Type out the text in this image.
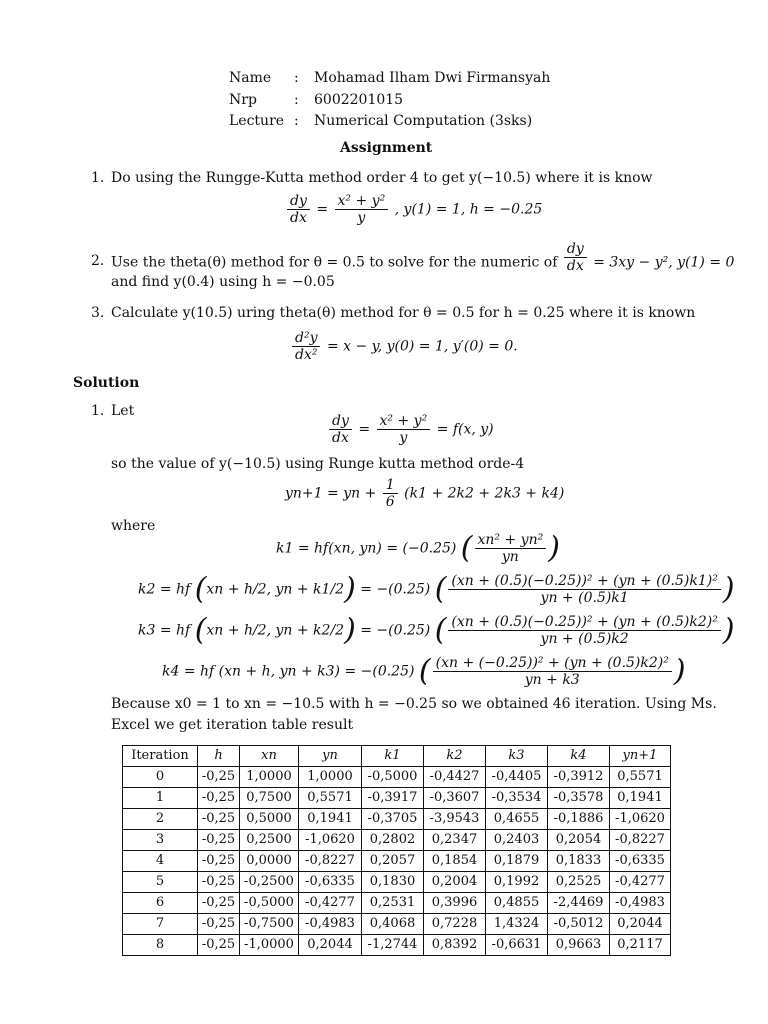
Name : Mohamad Ilham Dwi Firmansyah
Nrp	: 6002201015
Lecture : Numerical Computation (3sks)
Assignment
1. Do using the Rungge-Kutta method order 4 to get y(−10.5) where it is know
$\frac{dy}{dx} = \frac{\text{x² + y²}}{y}$ , y(1) = 1, h = −0.25
2. Use the theta(θ) method for θ = 0.5 to solve for the numeric of $\frac{dy}{dx} = 3xy - y^2$, y(1) = 0
and find y(0.4) using h = −0.05
3. Calculate y(10.5) uring theta(θ) method for θ = 0.5 for h = 0.25 where it is known
$\frac{\text{d²y}}{\text{dx²}} = x - y$, y(0) = 1, y′(0) = 0.
Solution
1. Let
$\frac{dy}{dx} = \frac{\text{x² + y²}}{y} = f(x$, y)
so the value of y(−10.5) using Runge kutta method orde-4
yn+1 = yn + $\frac{1}{6} (k1 + 2k2 + 2k3 + k4)$
where
k1 = hf(xn, yn) = (−0.25) ( $\frac{\text{xn² + yn²}}{yn}$ )
k2 = hf (xn + h/2, yn + k1/2) = −(0.25) ( $\frac{\text{(xn + (0.5)(−0.25))² + (yn + (0.5)k1)²}}{yn + (0.5)k1}$ )
k3 = hf (xn + h/2, yn + k2/2) = −(0.25) ( $\frac{\text{(xn + (0.5)(−0.25))² + (yn + (0.5)k2)²}}{yn + (0.5)k2}$ )
k4 = hf (xn + h, yn + k3) = −(0.25) ( $\frac{\text{(xn + (−0.25))² + (yn + (0.5)k2)²}}{yn + k3}$ )
Because x0 = 1 to xn = −10.5 with h = −0.25 so we obtained 46 iteration. Using Ms.
Excel we get iteration table result
Iteration	h	xn	yn	k1	k2	k3	k4	yn+1
0	-0,25	1,0000	1,0000	-0,5000	-0,4427	-0,4405	-0,3912	0,5571
1	-0,25	0,7500	0,5571	-0,3917	-0,3607	-0,3534	-0,3578	0,1941
2	-0,25	0,5000	0,1941	-0,3705	-3,9543	0,4655	-0,1886	-1,0620
3	-0,25	0,2500	-1,0620	0,2802	0,2347	0,2403	0,2054	-0,8227
4	-0,25	0,0000	-0,8227	0,2057	0,1854	0,1879	0,1833	-0,6335
5	-0,25	-0,2500	-0,6335	0,1830	0,2004	0,1992	0,2525	-0,4277
6	-0,25	-0,5000	-0,4277	0,2531	0,3996	0,4855	-2,4469	-0,4983
7	-0,25	-0,7500	-0,4983	0,4068	0,7228	1,4324	-0,5012	0,2044
8	-0,25	-1,0000	0,2044	-1,2744	0,8392	-0,6631	0,9663	0,2117
